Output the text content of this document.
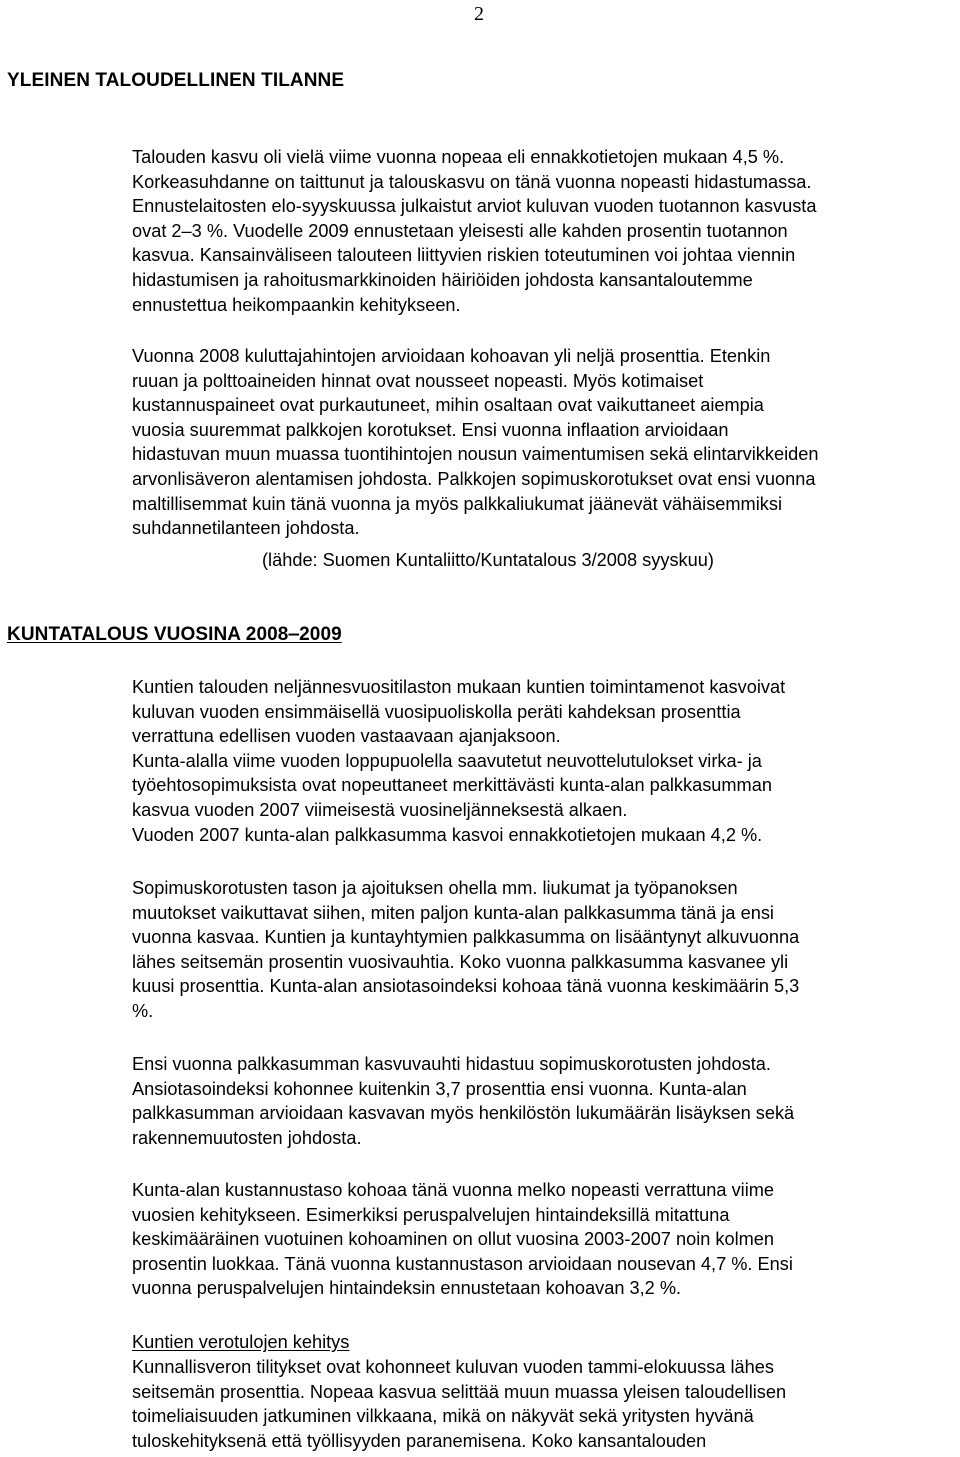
2
YLEINEN TALOUDELLINEN TILANNE
Talouden kasvu oli vielä viime vuonna nopeaa eli ennakkotietojen mukaan 4,5 %.
Korkeasuhdanne on taittunut ja talouskasvu on tänä vuonna nopeasti hidastumassa.
Ennustelaitosten elo-syyskuussa julkaistut arviot kuluvan vuoden tuotannon kasvusta
ovat 2‒3 %. Vuodelle 2009 ennustetaan yleisesti alle kahden prosentin tuotannon
kasvua. Kansainväliseen talouteen liittyvien riskien toteutuminen voi johtaa viennin
hidastumisen ja rahoitusmarkkinoiden häiriöiden johdosta kansantaloutemme
ennustettua heikompaankin kehitykseen.
Vuonna 2008 kuluttajahintojen arvioidaan kohoavan yli neljä prosenttia. Etenkin
ruuan ja polttoaineiden hinnat ovat nousseet nopeasti. Myös kotimaiset
kustannuspaineet ovat purkautuneet, mihin osaltaan ovat vaikuttaneet aiempia
vuosia suuremmat palkkojen korotukset. Ensi vuonna inflaation arvioidaan
hidastuvan muun muassa tuontihintojen nousun vaimentumisen sekä elintarvikkeiden
arvonlisäveron alentamisen johdosta. Palkkojen sopimuskorotukset ovat ensi vuonna
maltillisemmat kuin tänä vuonna ja myös palkkaliukumat jäänevät vähäisemmiksi
suhdannetilanteen johdosta.
(lähde: Suomen Kuntaliitto/Kuntatalous 3/2008 syyskuu)
KUNTATALOUS VUOSINA 2008‒2009
Kuntien talouden neljännesvuositilaston mukaan kuntien toimintamenot kasvoivat
kuluvan vuoden ensimmäisellä vuosipuoliskolla peräti kahdeksan prosenttia
verrattuna edellisen vuoden vastaavaan ajanjaksoon.
Kunta-alalla viime vuoden loppupuolella saavutetut neuvottelutulokset virka- ja
työehtosopimuksista ovat nopeuttaneet merkittävästi kunta-alan palkkasumman
kasvua vuoden 2007 viimeisestä vuosineljänneksestä alkaen.
Vuoden 2007 kunta-alan palkkasumma kasvoi ennakkotietojen mukaan 4,2 %.
Sopimuskorotusten tason ja ajoituksen ohella mm. liukumat ja työpanoksen
muutokset vaikuttavat siihen, miten paljon kunta-alan palkkasumma tänä ja ensi
vuonna kasvaa. Kuntien ja kuntayhtymien palkkasumma on lisääntynyt alkuvuonna
lähes seitsemän prosentin vuosivauhtia. Koko vuonna palkkasumma kasvanee yli
kuusi prosenttia. Kunta-alan ansiotasoindeksi kohoaa tänä vuonna keskimäärin 5,3
%.
Ensi vuonna palkkasumman kasvuvauhti hidastuu sopimuskorotusten johdosta.
Ansiotasoindeksi kohonnee kuitenkin 3,7 prosenttia ensi vuonna. Kunta-alan
palkkasumman arvioidaan kasvavan myös henkilöstön lukumäärän lisäyksen sekä
rakennemuutosten johdosta.
Kunta-alan kustannustaso kohoaa tänä vuonna melko nopeasti verrattuna viime
vuosien kehitykseen. Esimerkiksi peruspalvelujen hintaindeksillä mitattuna
keskimääräinen vuotuinen kohoaminen on ollut vuosina 2003-2007 noin kolmen
prosentin luokkaa. Tänä vuonna kustannustason arvioidaan nousevan 4,7 %. Ensi
vuonna peruspalvelujen hintaindeksin ennustetaan kohoavan 3,2 %.
Kuntien verotulojen kehitys
Kunnallisveron tilitykset ovat kohonneet kuluvan vuoden tammi-elokuussa lähes
seitsemän prosenttia. Nopeaa kasvua selittää muun muassa yleisen taloudellisen
toimeliaisuuden jatkuminen vilkkaana, mikä on näkyvät sekä yritysten hyvänä
tuloskehityksenä että työllisyyden paranemisena. Koko kansantalouden
